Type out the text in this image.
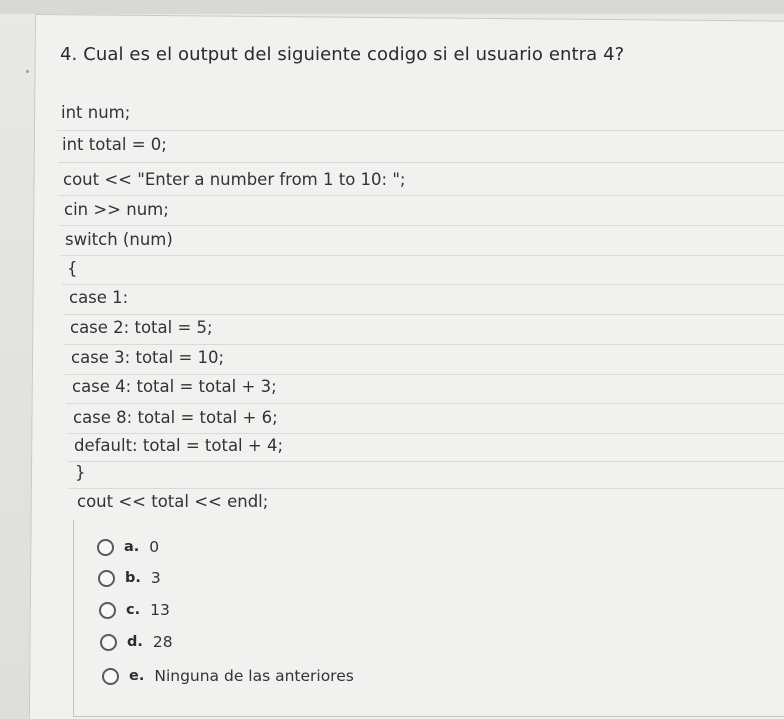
4. Cual es el output del siguiente codigo si el usuario entra 4?
int num;
int total = 0;
cout << "Enter a number from 1 to 10: ";
cin >> num;
switch (num)
{
case 1:
case 2: total = 5;
case 3: total = 10;
case 4: total = total + 3;
case 8: total = total + 6;
default: total = total + 4;
}
cout << total << endl;
a. 0
b. 3
c. 13
d. 28
e. Ninguna de las anteriores
